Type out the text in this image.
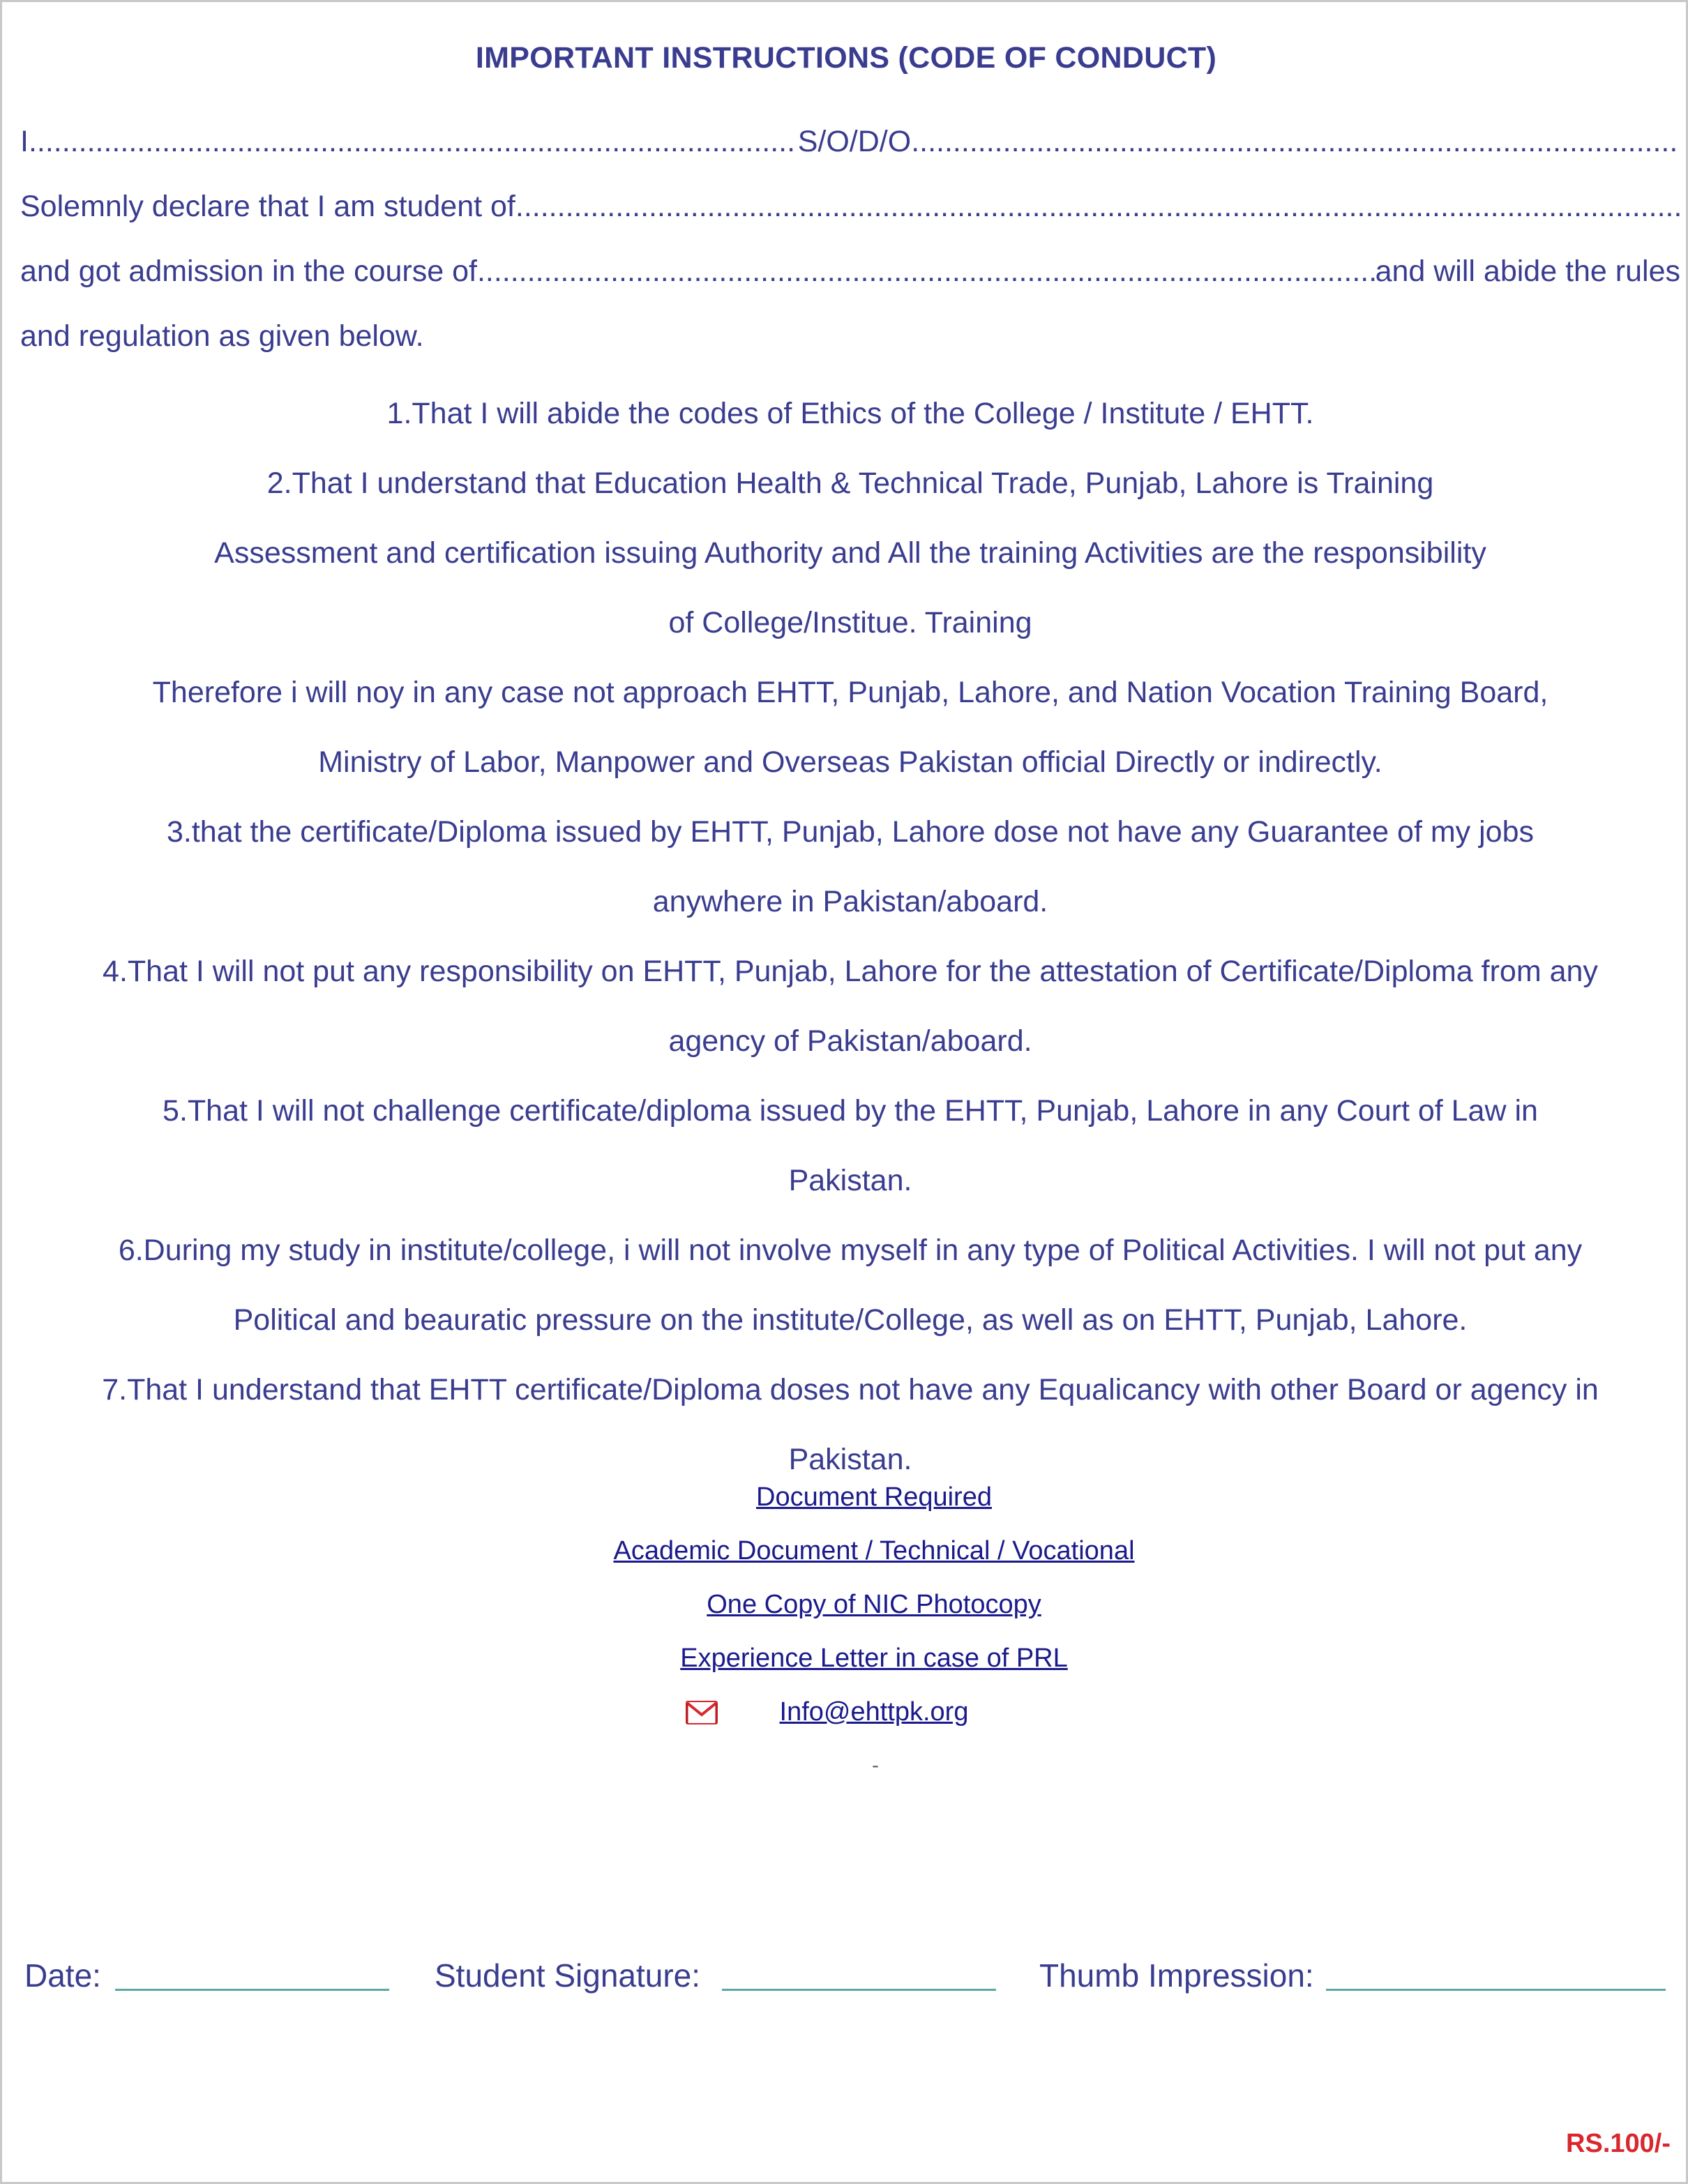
IMPORTANT INSTRUCTIONS (CODE OF CONDUCT)
I .....	S/O/D/O
.....
Solemnly declare that I am student of
.....
and got admission in the course of .....	and will abide the rules
and regulation as given below.

1.That I will abide the codes of Ethics of the College / Institute / EHTT.

2.That I understand that Education Health & Technical Trade, Punjab, Lahore is Training

Assessment and certification issuing Authority and All the training Activities are the responsibility

of College/Institue. Training

Therefore i will noy in any case not approach EHTT, Punjab, Lahore, and Nation Vocation Training Board,

Ministry of Labor, Manpower and Overseas Pakistan official Directly or indirectly.

3.that the certificate/Diploma issued by EHTT, Punjab, Lahore dose not have any Guarantee of my jobs

anywhere in Pakistan/aboard.

4.That I will not put any responsibility on EHTT, Punjab, Lahore for the attestation of Certificate/Diploma from any

agency of Pakistan/aboard.

5.That I will not challenge certificate/diploma issued by the EHTT, Punjab, Lahore in any Court of Law in

Pakistan.

6.During my study in institute/college, i will not involve myself in any type of Political Activities. I will not put any

Political and beauratic pressure on the institute/College, as well as on EHTT, Punjab, Lahore.

7.That I understand that EHTT certificate/Diploma doses not have any Equalicancy with other Board or agency in

Pakistan.

Document Required
Academic Document / Technical / Vocational
One Copy of NIC Photocopy
Experience Letter in case of PRL
Info@ehttpk.org
-
Date:	Student Signature:	Thumb Impression:
RS.100/-
